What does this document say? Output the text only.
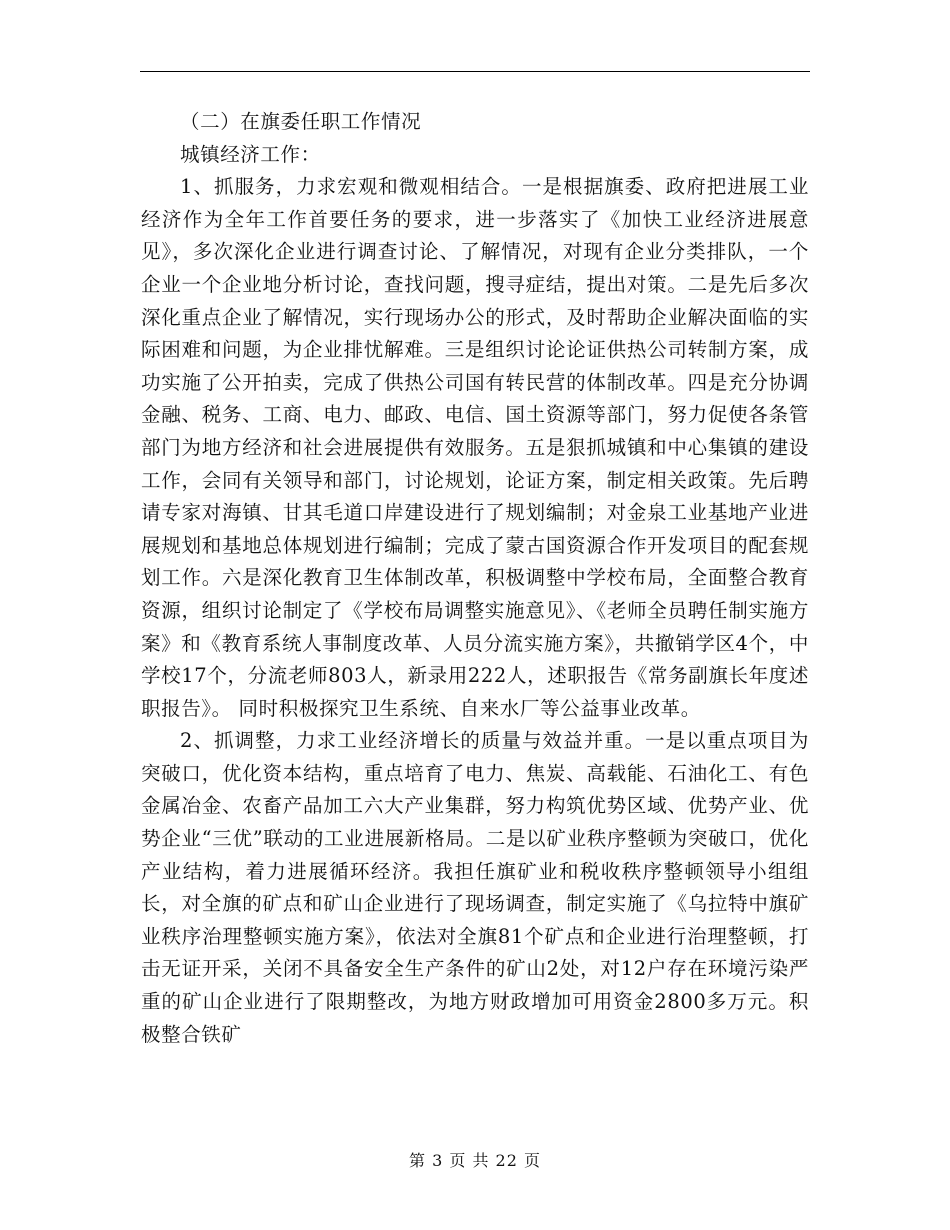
（二）在旗委任职工作情况

城镇经济工作：

1、抓服务，力求宏观和微观相结合。一是根据旗委、政府把进展工业经济作为全年工作首要任务的要求，进一步落实了《加快工业经济进展意见》，多次深化企业进行调查讨论、了解情况，对现有企业分类排队，一个企业一个企业地分析讨论，查找问题，搜寻症结，提出对策。二是先后多次深化重点企业了解情况，实行现场办公的形式，及时帮助企业解决面临的实际困难和问题，为企业排忧解难。三是组织讨论论证供热公司转制方案，成功实施了公开拍卖，完成了供热公司国有转民营的体制改革。四是充分协调金融、税务、工商、电力、邮政、电信、国土资源等部门，努力促使各条管部门为地方经济和社会进展提供有效服务。五是狠抓城镇和中心集镇的建设工作，会同有关领导和部门，讨论规划，论证方案，制定相关政策。先后聘请专家对海镇、甘其毛道口岸建设进行了规划编制；对金泉工业基地产业进展规划和基地总体规划进行编制；完成了蒙古国资源合作开发项目的配套规划工作。六是深化教育卫生体制改革，积极调整中学校布局，全面整合教育资源，组织讨论制定了《学校布局调整实施意见》、《老师全员聘任制实施方案》和《教育系统人事制度改革、人员分流实施方案》，共撤销学区4个，中学校17个，分流老师803人，新录用222人，述职报告《常务副旗长年度述职报告》。 同时积极探究卫生系统、自来水厂等公益事业改革。

2、抓调整，力求工业经济增长的质量与效益并重。一是以重点项目为突破口，优化资本结构，重点培育了电力、焦炭、高载能、石油化工、有色金属冶金、农畜产品加工六大产业集群，努力构筑优势区域、优势产业、优势企业“三优”联动的工业进展新格局。二是以矿业秩序整顿为突破口，优化产业结构，着力进展循环经济。我担任旗矿业和税收秩序整顿领导小组组长，对全旗的矿点和矿山企业进行了现场调查，制定实施了《乌拉特中旗矿业秩序治理整顿实施方案》，依法对全旗81个矿点和企业进行治理整顿，打击无证开采，关闭不具备安全生产条件的矿山2处，对12户存在环境污染严重的矿山企业进行了限期整改，为地方财政增加可用资金2800多万元。积极整合铁矿

第 3 页 共 22 页
